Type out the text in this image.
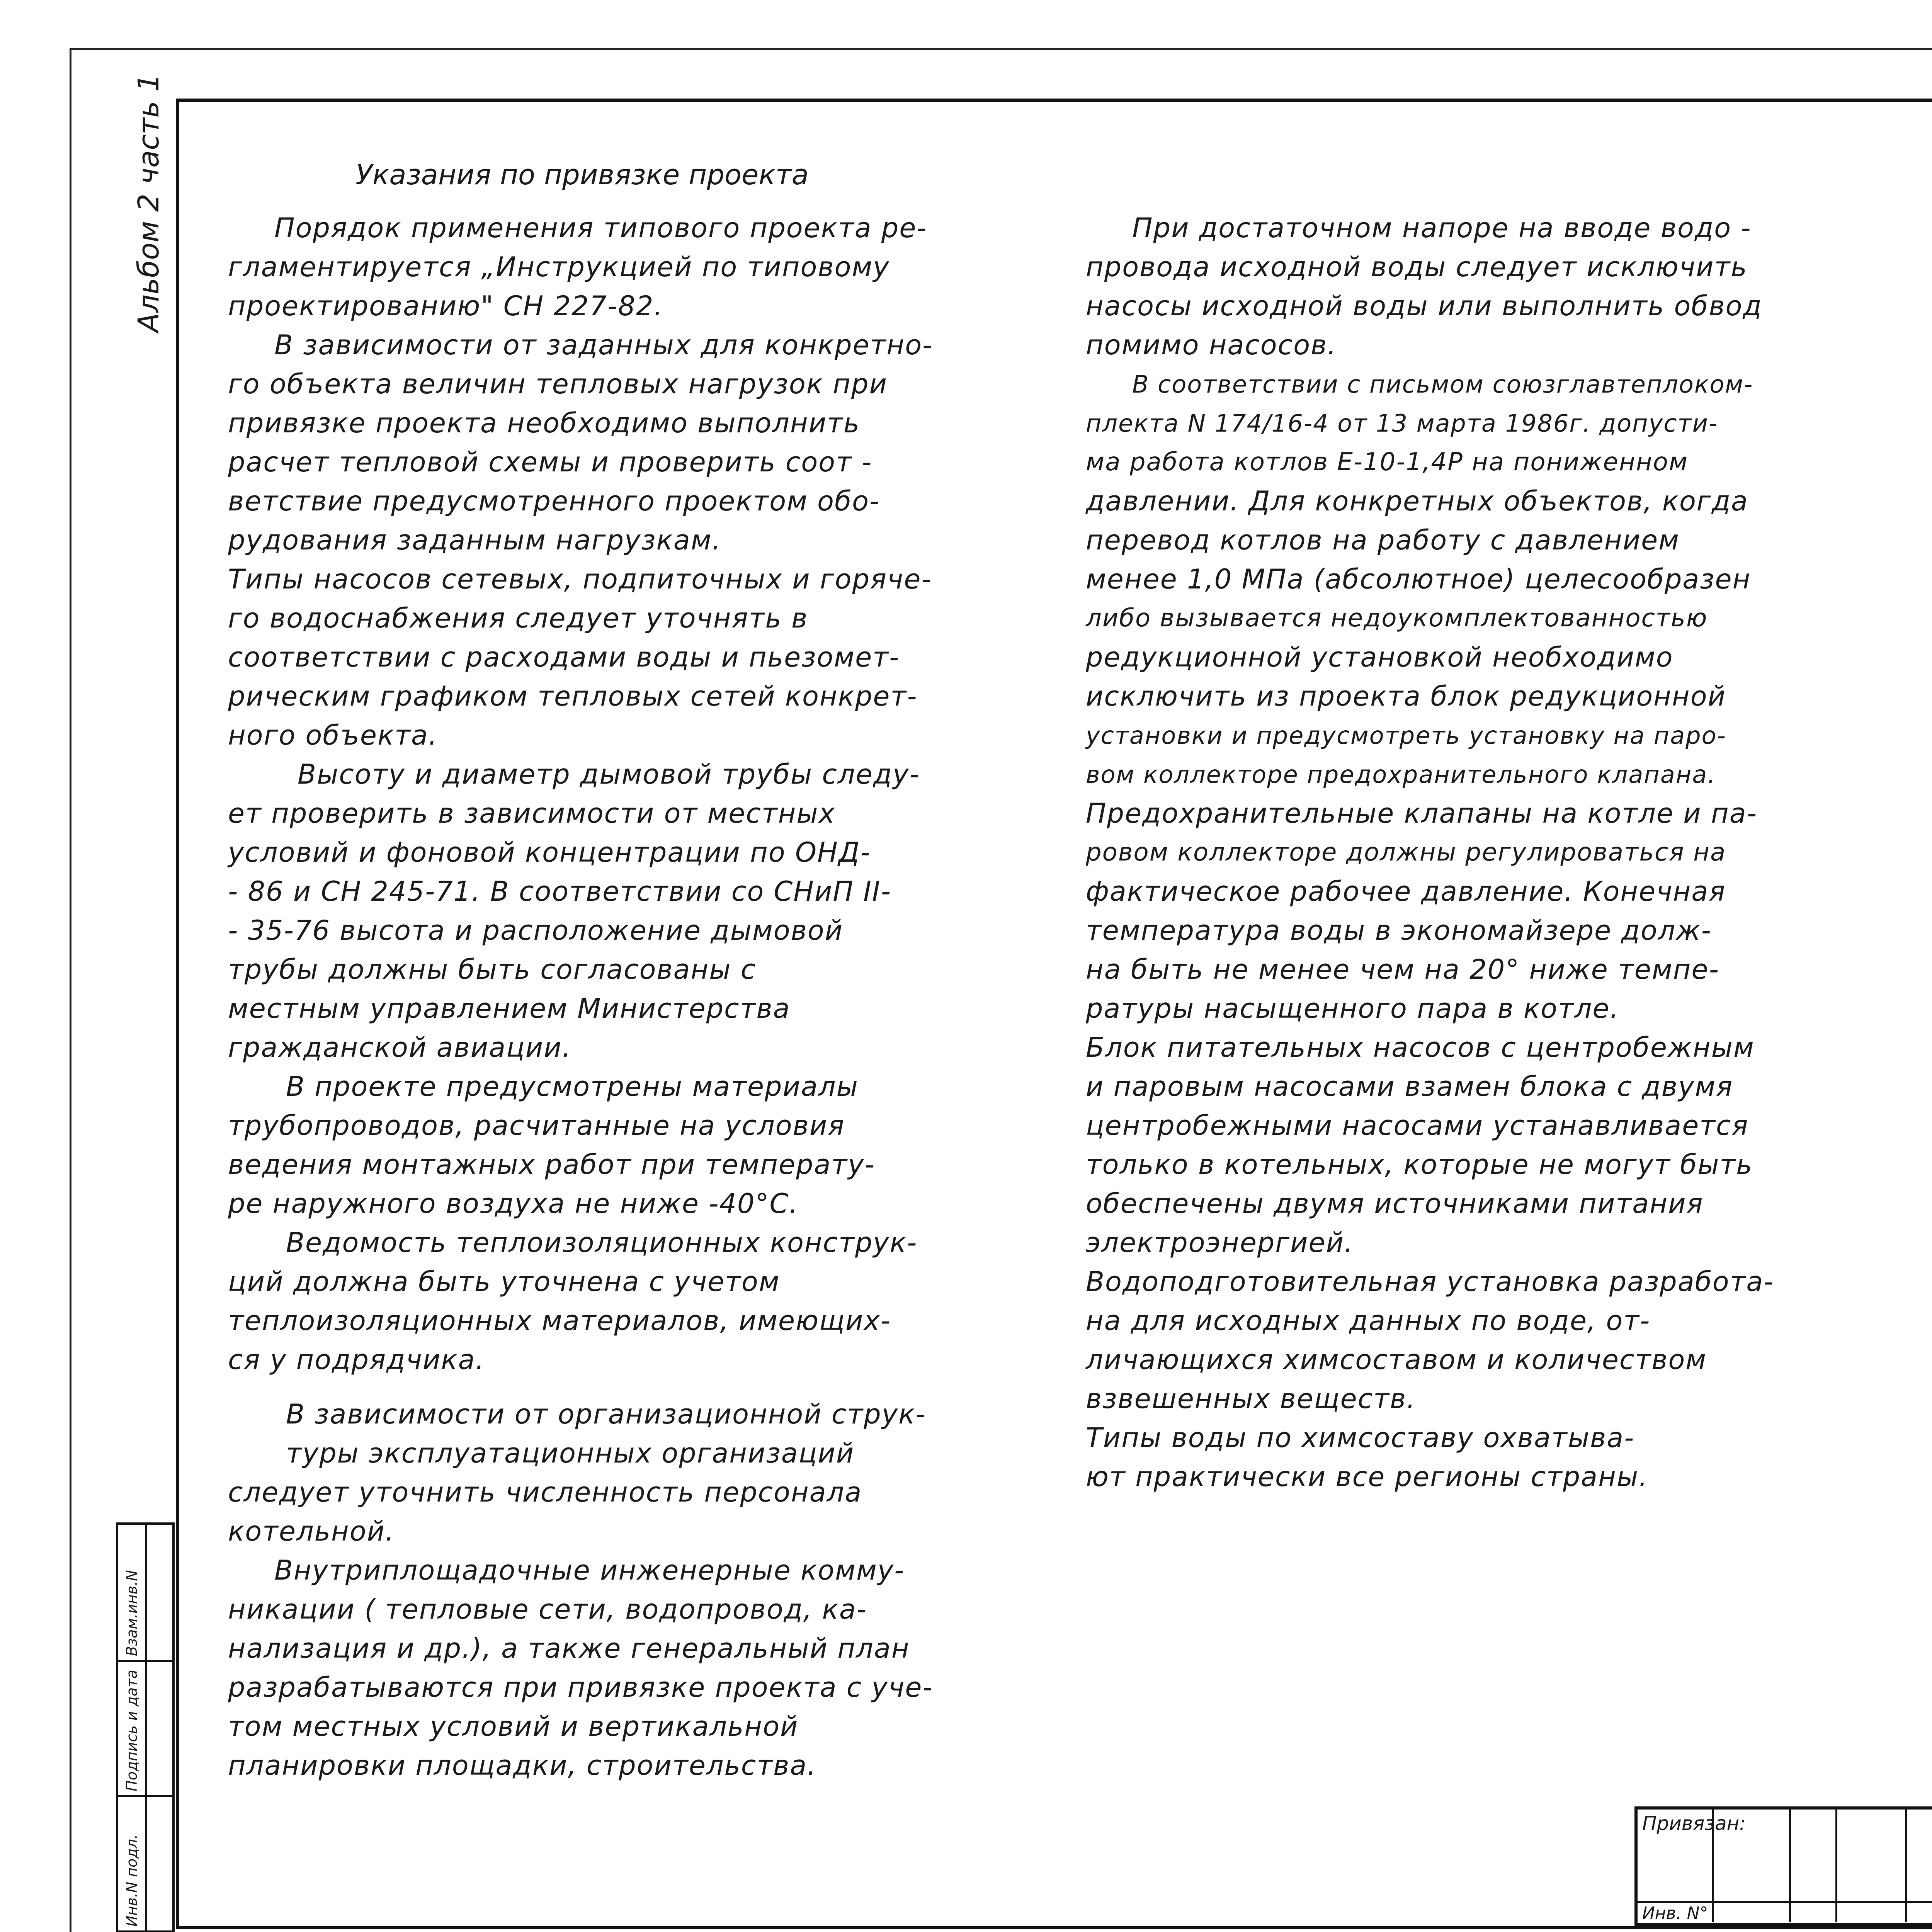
Альбом 2 часть 1
Инв.N подл.
Подпись и дата
Взам.инв.N
Указания по привязке проекта

Порядок применения типового проекта ре-

гламентируется „Инструкцией по типовому

проектированию" СН 227-82.

В зависимости от заданных для конкретно-

го объекта величин тепловых нагрузок при

привязке проекта необходимо выполнить

расчет тепловой схемы и проверить соот -

ветствие предусмотренного проектом обо-

рудования заданным нагрузкам.

Типы насосов сетевых, подпиточных и горяче-

го водоснабжения следует уточнять в

соответствии с расходами воды и пьезомет-

рическим графиком тепловых сетей конкрет-

ного объекта.

Высоту и диаметр дымовой трубы следу-

ет проверить в зависимости от местных

условий и фоновой концентрации по ОНД-

- 86 и СН 245-71. В соответствии со СНиП II-

- 35-76 высота и расположение дымовой

трубы должны быть согласованы с

местным управлением Министерства

гражданской авиации.

В проекте предусмотрены материалы

трубопроводов, расчитанные на условия

ведения монтажных работ при температу-

ре наружного воздуха не ниже -40°С.

Ведомость теплоизоляционных конструк-

ций должна быть уточнена с учетом

теплоизоляционных материалов, имеющих-

ся у подрядчика.

В зависимости от организационной струк-

туры эксплуатационных организаций

следует уточнить численность персонала

котельной.

Внутриплощадочные инженерные комму-

никации ( тепловые сети, водопровод, ка-

нализация и др.), а также генеральный план

разрабатываются при привязке проекта с уче-

том местных условий и вертикальной

планировки площадки, строительства.

При достаточном напоре на вводе водо -

провода исходной воды следует исключить

насосы исходной воды или выполнить обвод

помимо насосов.

В соответствии с письмом союзглавтеплоком-

плекта N 174/16-4 от 13 марта 1986г. допусти-

ма работа котлов Е-10-1,4Р на пониженном

давлении. Для конкретных объектов, когда

перевод котлов на работу с давлением

менее 1,0 МПа (абсолютное) целесообразен

либо вызывается недоукомплектованностью

редукционной установкой необходимо

исключить из проекта блок редукционной

установки и предусмотреть установку на паро-

вом коллекторе предохранительного клапана.

Предохранительные клапаны на котле и па-

ровом коллекторе должны регулироваться на

фактическое рабочее давление. Конечная

температура воды в экономайзере долж-

на быть не менее чем на 20° ниже темпе-

ратуры насыщенного пара в котле.

Блок питательных насосов с центробежным

и паровым насосами взамен блока с двумя

центробежными насосами устанавливается

только в котельных, которые не могут быть

обеспечены двумя источниками питания

электроэнергией.

Водоподготовительная установка разработа-

на для исходных данных по воде, от-

личающихся химсоставом и количеством

взвешенных веществ.

Типы воды по химсоставу охватыва-

ют практически все регионы страны.

Привязан:
Инв. N°
